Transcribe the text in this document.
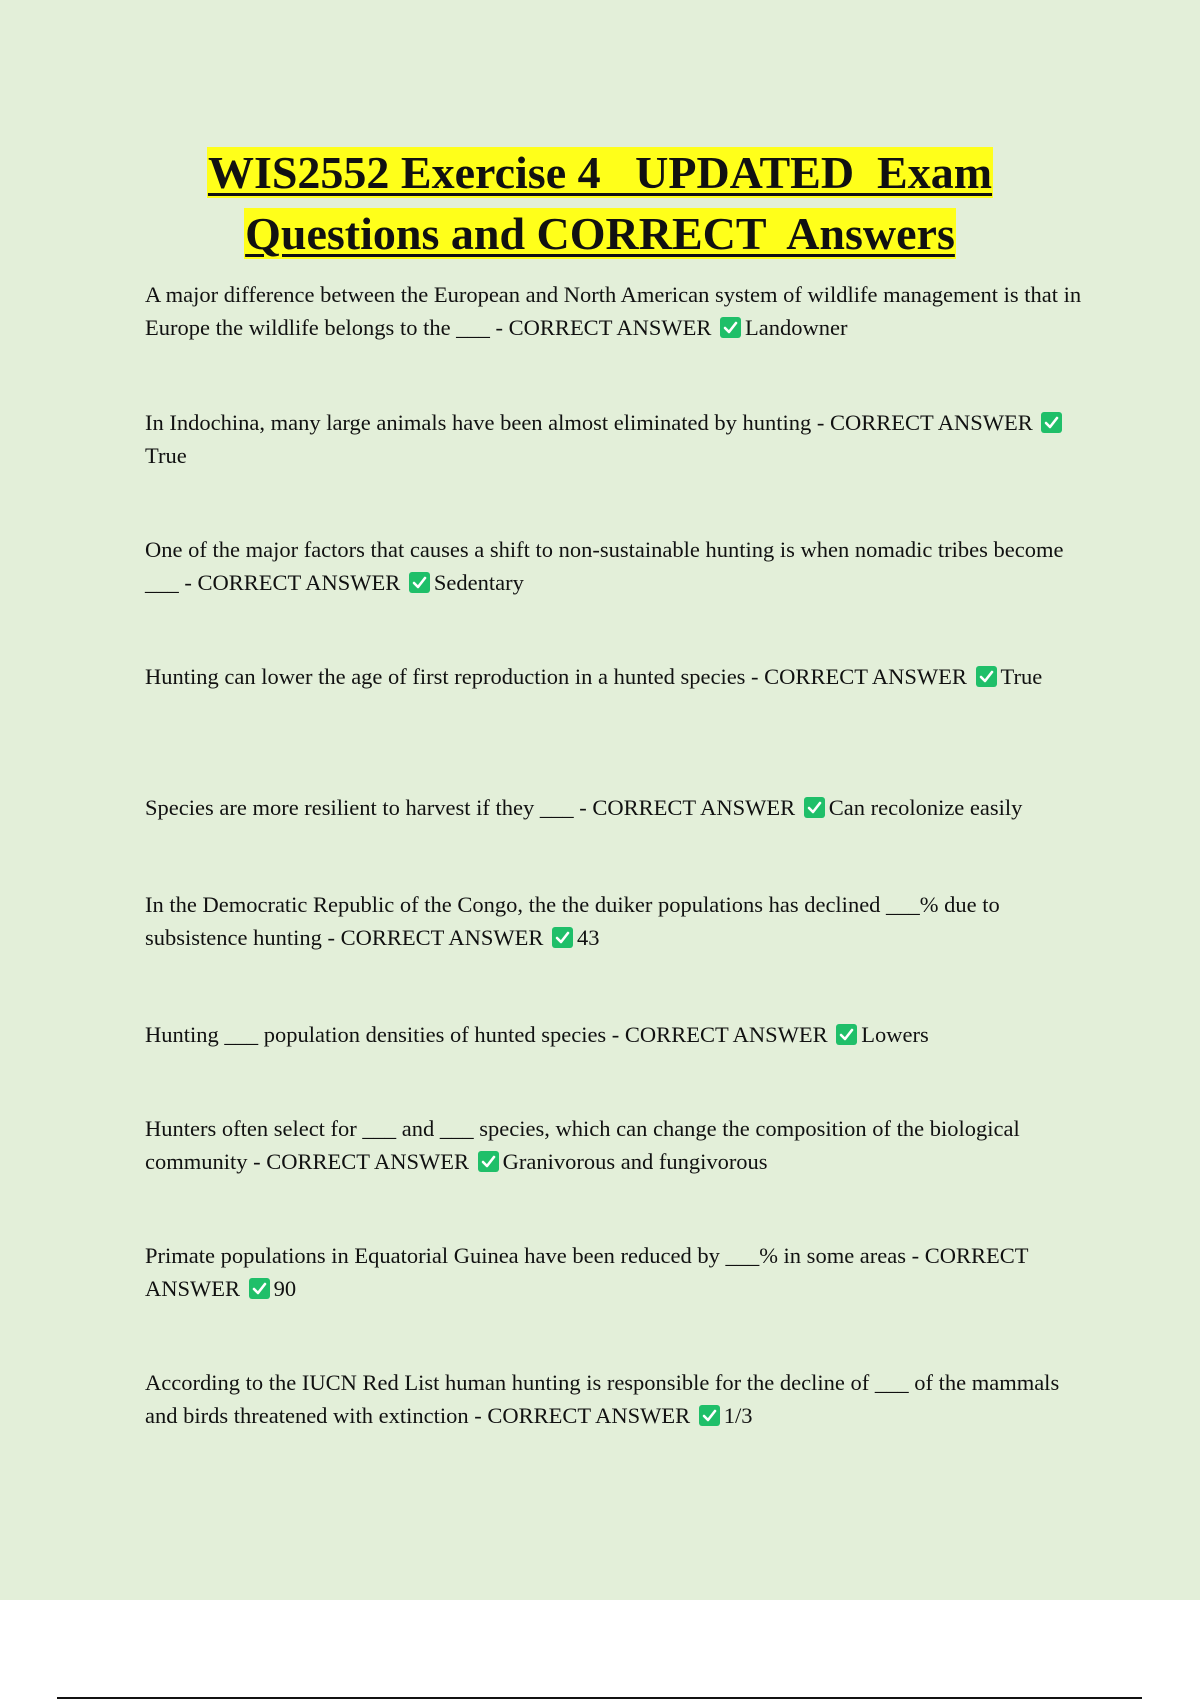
WIS2552 Exercise 4   UPDATED  Exam
Questions and CORRECT  Answers
A major difference between the European and North American system of wildlife management is that in Europe the wildlife belongs to the ___ - CORRECT ANSWER Landowner
In Indochina, many large animals have been almost eliminated by hunting - CORRECT ANSWER
True
One of the major factors that causes a shift to non-sustainable hunting is when nomadic tribes become ___ - CORRECT ANSWER Sedentary
Hunting can lower the age of first reproduction in a hunted species - CORRECT ANSWER True
Species are more resilient to harvest if they ___ - CORRECT ANSWER Can recolonize easily
In the Democratic Republic of the Congo, the the duiker populations has declined ___% due to subsistence hunting - CORRECT ANSWER 43
Hunting ___ population densities of hunted species - CORRECT ANSWER Lowers
Hunters often select for ___ and ___ species, which can change the composition of the biological community - CORRECT ANSWER Granivorous and fungivorous
Primate populations in Equatorial Guinea have been reduced by ___% in some areas - CORRECT ANSWER 90
According to the IUCN Red List human hunting is responsible for the decline of ___ of the mammals and birds threatened with extinction - CORRECT ANSWER 1/3
